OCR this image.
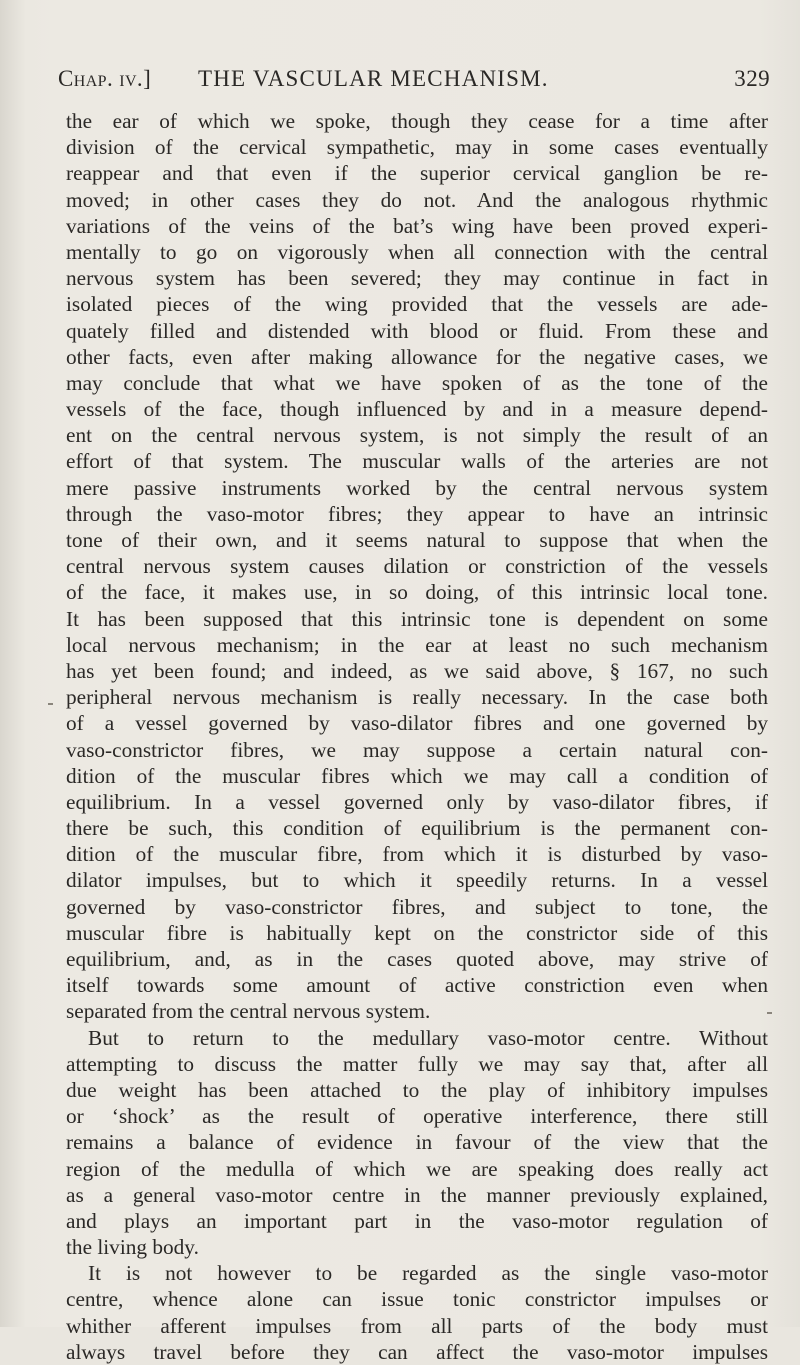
Chap. iv.] THE VASCULAR MECHANISM.	329
the ear of which we spoke, though they cease for a time after
division of the cervical sympathetic, may in some cases eventually
reappear and that even if the superior cervical ganglion be re-
moved; in other cases they do not. And the analogous rhythmic
variations of the veins of the bat’s wing have been proved experi-
mentally to go on vigorously when all connection with the central
nervous system has been severed; they may continue in fact in
isolated pieces of the wing provided that the vessels are ade-
quately filled and distended with blood or fluid. From these and
other facts, even after making allowance for the negative cases, we
may conclude that what we have spoken of as the tone of the
vessels of the face, though influenced by and in a measure depend-
ent on the central nervous system, is not simply the result of an
effort of that system. The muscular walls of the arteries are not
mere passive instruments worked by the central nervous system
through the vaso-motor fibres; they appear to have an intrinsic
tone of their own, and it seems natural to suppose that when the
central nervous system causes dilation or constriction of the vessels
of the face, it makes use, in so doing, of this intrinsic local tone.
It has been supposed that this intrinsic tone is dependent on some
local nervous mechanism; in the ear at least no such mechanism
has yet been found; and indeed, as we said above, § 167, no such
peripheral nervous mechanism is really necessary. In the case both
of a vessel governed by vaso-dilator fibres and one governed by
vaso-constrictor fibres, we may suppose a certain natural con-
dition of the muscular fibres which we may call a condition of
equilibrium. In a vessel governed only by vaso-dilator fibres, if
there be such, this condition of equilibrium is the permanent con-
dition of the muscular fibre, from which it is disturbed by vaso-
dilator impulses, but to which it speedily returns. In a vessel
governed by vaso-constrictor fibres, and subject to tone, the
muscular fibre is habitually kept on the constrictor side of this
equilibrium, and, as in the cases quoted above, may strive of
itself towards some amount of active constriction even when
separated from the central nervous system.
But to return to the medullary vaso-motor centre. Without
attempting to discuss the matter fully we may say that, after all
due weight has been attached to the play of inhibitory impulses
or ‘shock’ as the result of operative interference, there still
remains a balance of evidence in favour of the view that the
region of the medulla of which we are speaking does really act
as a general vaso-motor centre in the manner previously explained,
and plays an important part in the vaso-motor regulation of
the living body.
It is not however to be regarded as the single vaso-motor
centre, whence alone can issue tonic constrictor impulses or
whither afferent impulses from all parts of the body must
always travel before they can affect the vaso-motor impulses
